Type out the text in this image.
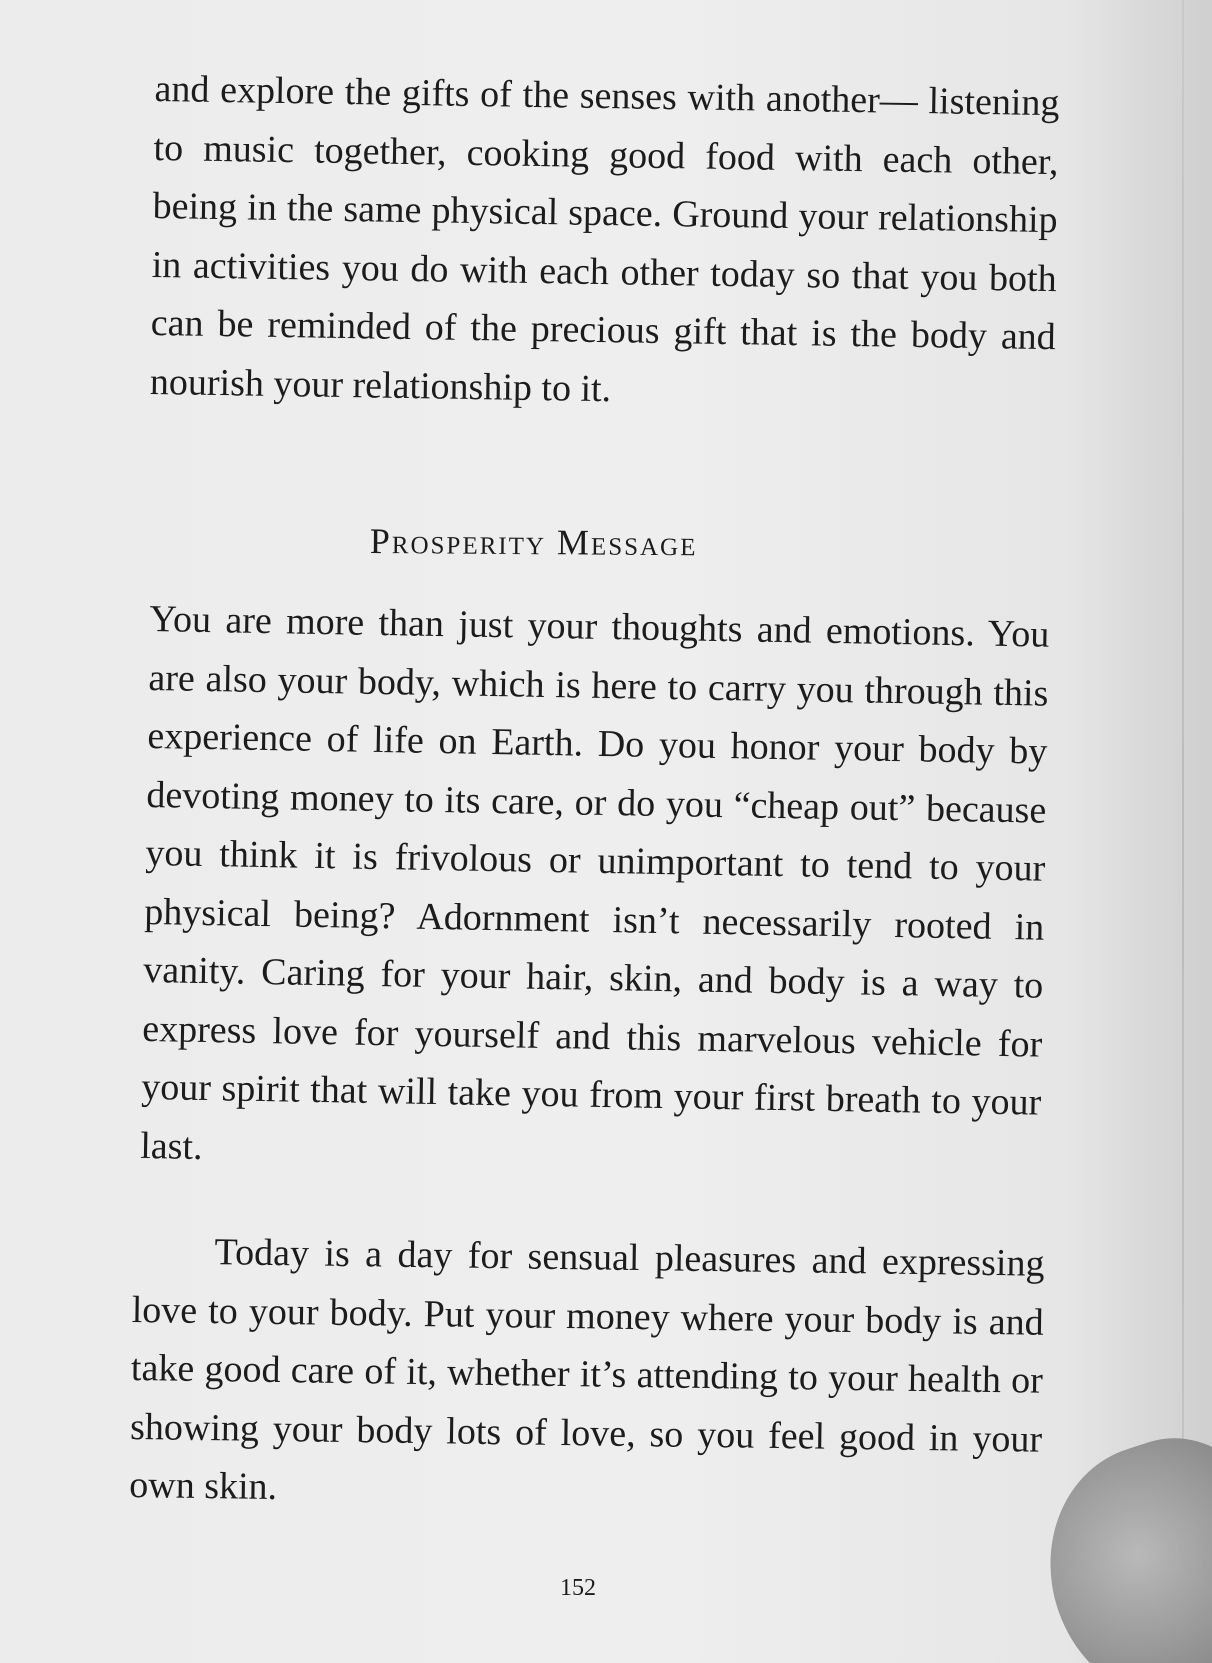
and explore the gifts of the senses with another— listening to music together, cooking good food with each other, being in the same physical space. Ground your relationship in activities you do with each other today so that you both can be reminded of the precious gift that is the body and nourish your relationship to it.

Prosperity Message

You are more than just your thoughts and emotions. You are also your body, which is here to carry you through this experience of life on Earth. Do you honor your body by devoting money to its care, or do you “cheap out” because you think it is frivolous or unimportant to tend to your physical being? Adornment isn’t necessarily rooted in vanity. Caring for your hair, skin, and body is a way to express love for yourself and this marvelous vehicle for your spirit that will take you from your first breath to your last.

Today is a day for sensual pleasures and expressing love to your body. Put your money where your body is and take good care of it, whether it’s attending to your health or showing your body lots of love, so you feel good in your own skin.

152
